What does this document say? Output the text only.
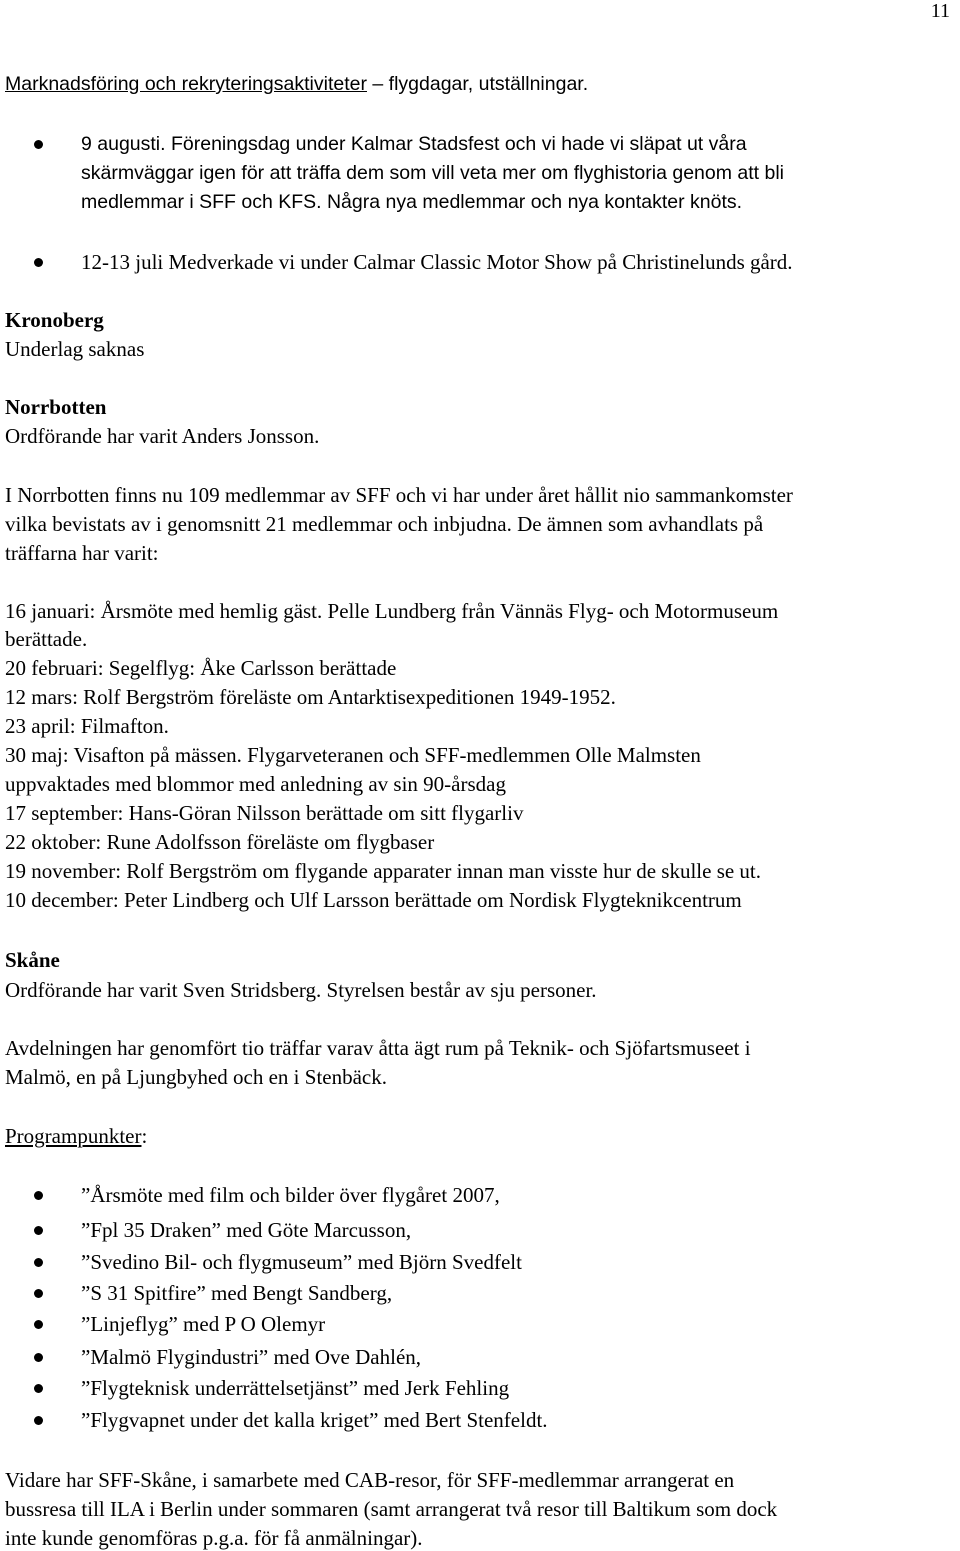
11
Marknadsföring och rekryteringsaktiviteter – flygdagar, utställningar.
9 augusti. Föreningsdag under Kalmar Stadsfest och vi hade vi släpat ut våra
skärmväggar igen för att träffa dem som vill veta mer om flyghistoria genom att bli
medlemmar i SFF och KFS. Några nya medlemmar och nya kontakter knöts.
12-13 juli Medverkade vi under Calmar Classic Motor Show på Christinelunds gård.
Kronoberg
Underlag saknas
Norrbotten
Ordförande har varit Anders Jonsson.
I Norrbotten finns nu 109 medlemmar av SFF och vi har under året hållit nio sammankomster
vilka bevistats av i genomsnitt 21 medlemmar och inbjudna. De ämnen som avhandlats på
träffarna har varit:
16 januari: Årsmöte med hemlig gäst. Pelle Lundberg från Vännäs Flyg- och Motormuseum
berättade.
20 februari: Segelflyg: Åke Carlsson berättade
12 mars: Rolf Bergström föreläste om Antarktisexpeditionen 1949-1952.
23 april: Filmafton.
30 maj: Visafton på mässen. Flygarveteranen och SFF-medlemmen Olle Malmsten
uppvaktades med blommor med anledning av sin 90-årsdag
17 september: Hans-Göran Nilsson berättade om sitt flygarliv
22 oktober: Rune Adolfsson föreläste om flygbaser
19 november: Rolf Bergström om flygande apparater innan man visste hur de skulle se ut.
10 december: Peter Lindberg och Ulf Larsson berättade om Nordisk Flygteknikcentrum
Skåne
Ordförande har varit Sven Stridsberg. Styrelsen består av sju personer.
Avdelningen har genomfört tio träffar varav åtta ägt rum på Teknik- och Sjöfartsmuseet i
Malmö, en på Ljungbyhed och en i Stenbäck.
Programpunkter:
”Årsmöte med film och bilder över flygåret 2007,
”Fpl 35 Draken” med Göte Marcusson,
”Svedino Bil- och flygmuseum” med Björn Svedfelt
”S 31 Spitfire” med Bengt Sandberg,
”Linjeflyg” med P O Olemyr
”Malmö Flygindustri” med Ove Dahlén,
”Flygteknisk underrättelsetjänst” med Jerk Fehling
”Flygvapnet under det kalla kriget” med Bert Stenfeldt.
Vidare har SFF-Skåne, i samarbete med CAB-resor, för SFF-medlemmar arrangerat en
bussresa till ILA i Berlin under sommaren (samt arrangerat två resor till Baltikum som dock
inte kunde genomföras p.g.a. för få anmälningar).
